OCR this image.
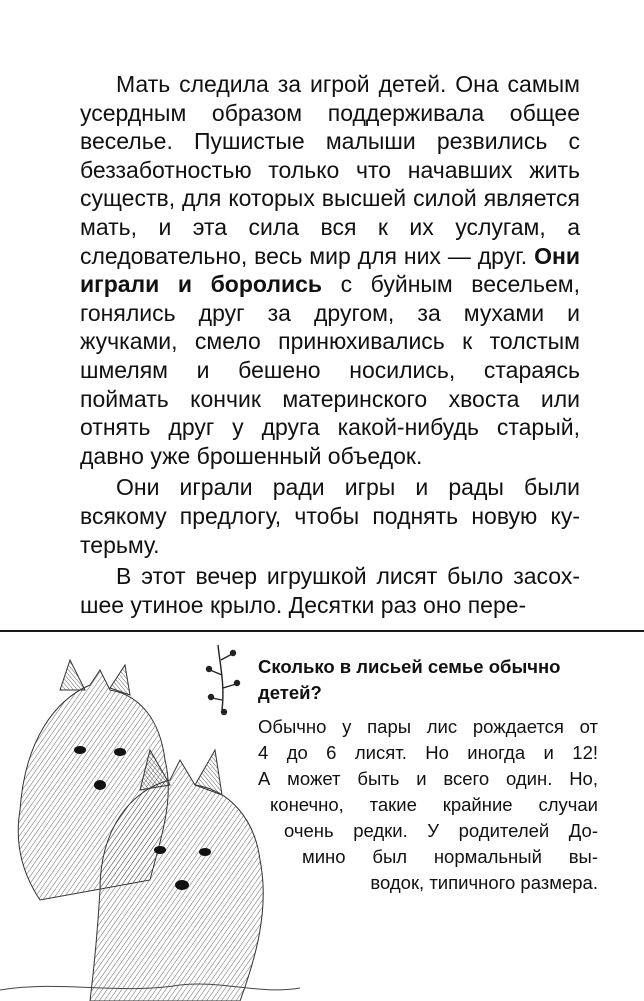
Мать следила за игрой детей. Она самым усердным образом поддерживала общее веселье. Пушистые малыши резвились с беззаботностью только что начавших жить существ, для которых высшей силой является мать, и эта сила вся к их услугам, а следовательно, весь мир для них — друг. Они играли и боролись с буйным весельем, гонялись друг за другом, за мухами и жучками, смело принюхивались к толстым шмелям и бешено носились, стараясь поймать кончик материнского хвоста или отнять друг у друга какой-нибудь старый, давно уже брошенный объедок.

Они играли ради игры и рады были всякому предлогу, чтобы поднять новую кутерьму.

В этот вечер игрушкой лисят было засохшее утиное крыло. Десятки раз оно пере-

Сколько в лисьей семье обычно детей?
Обычно у пары лис рождается от
4 до 6 лисят. Но иногда и 12!
А может быть и всего один. Но,
конечно, такие крайние случаи
очень редки. У родителей До-
мино был нормальный вы-
водок, типичного размера.
